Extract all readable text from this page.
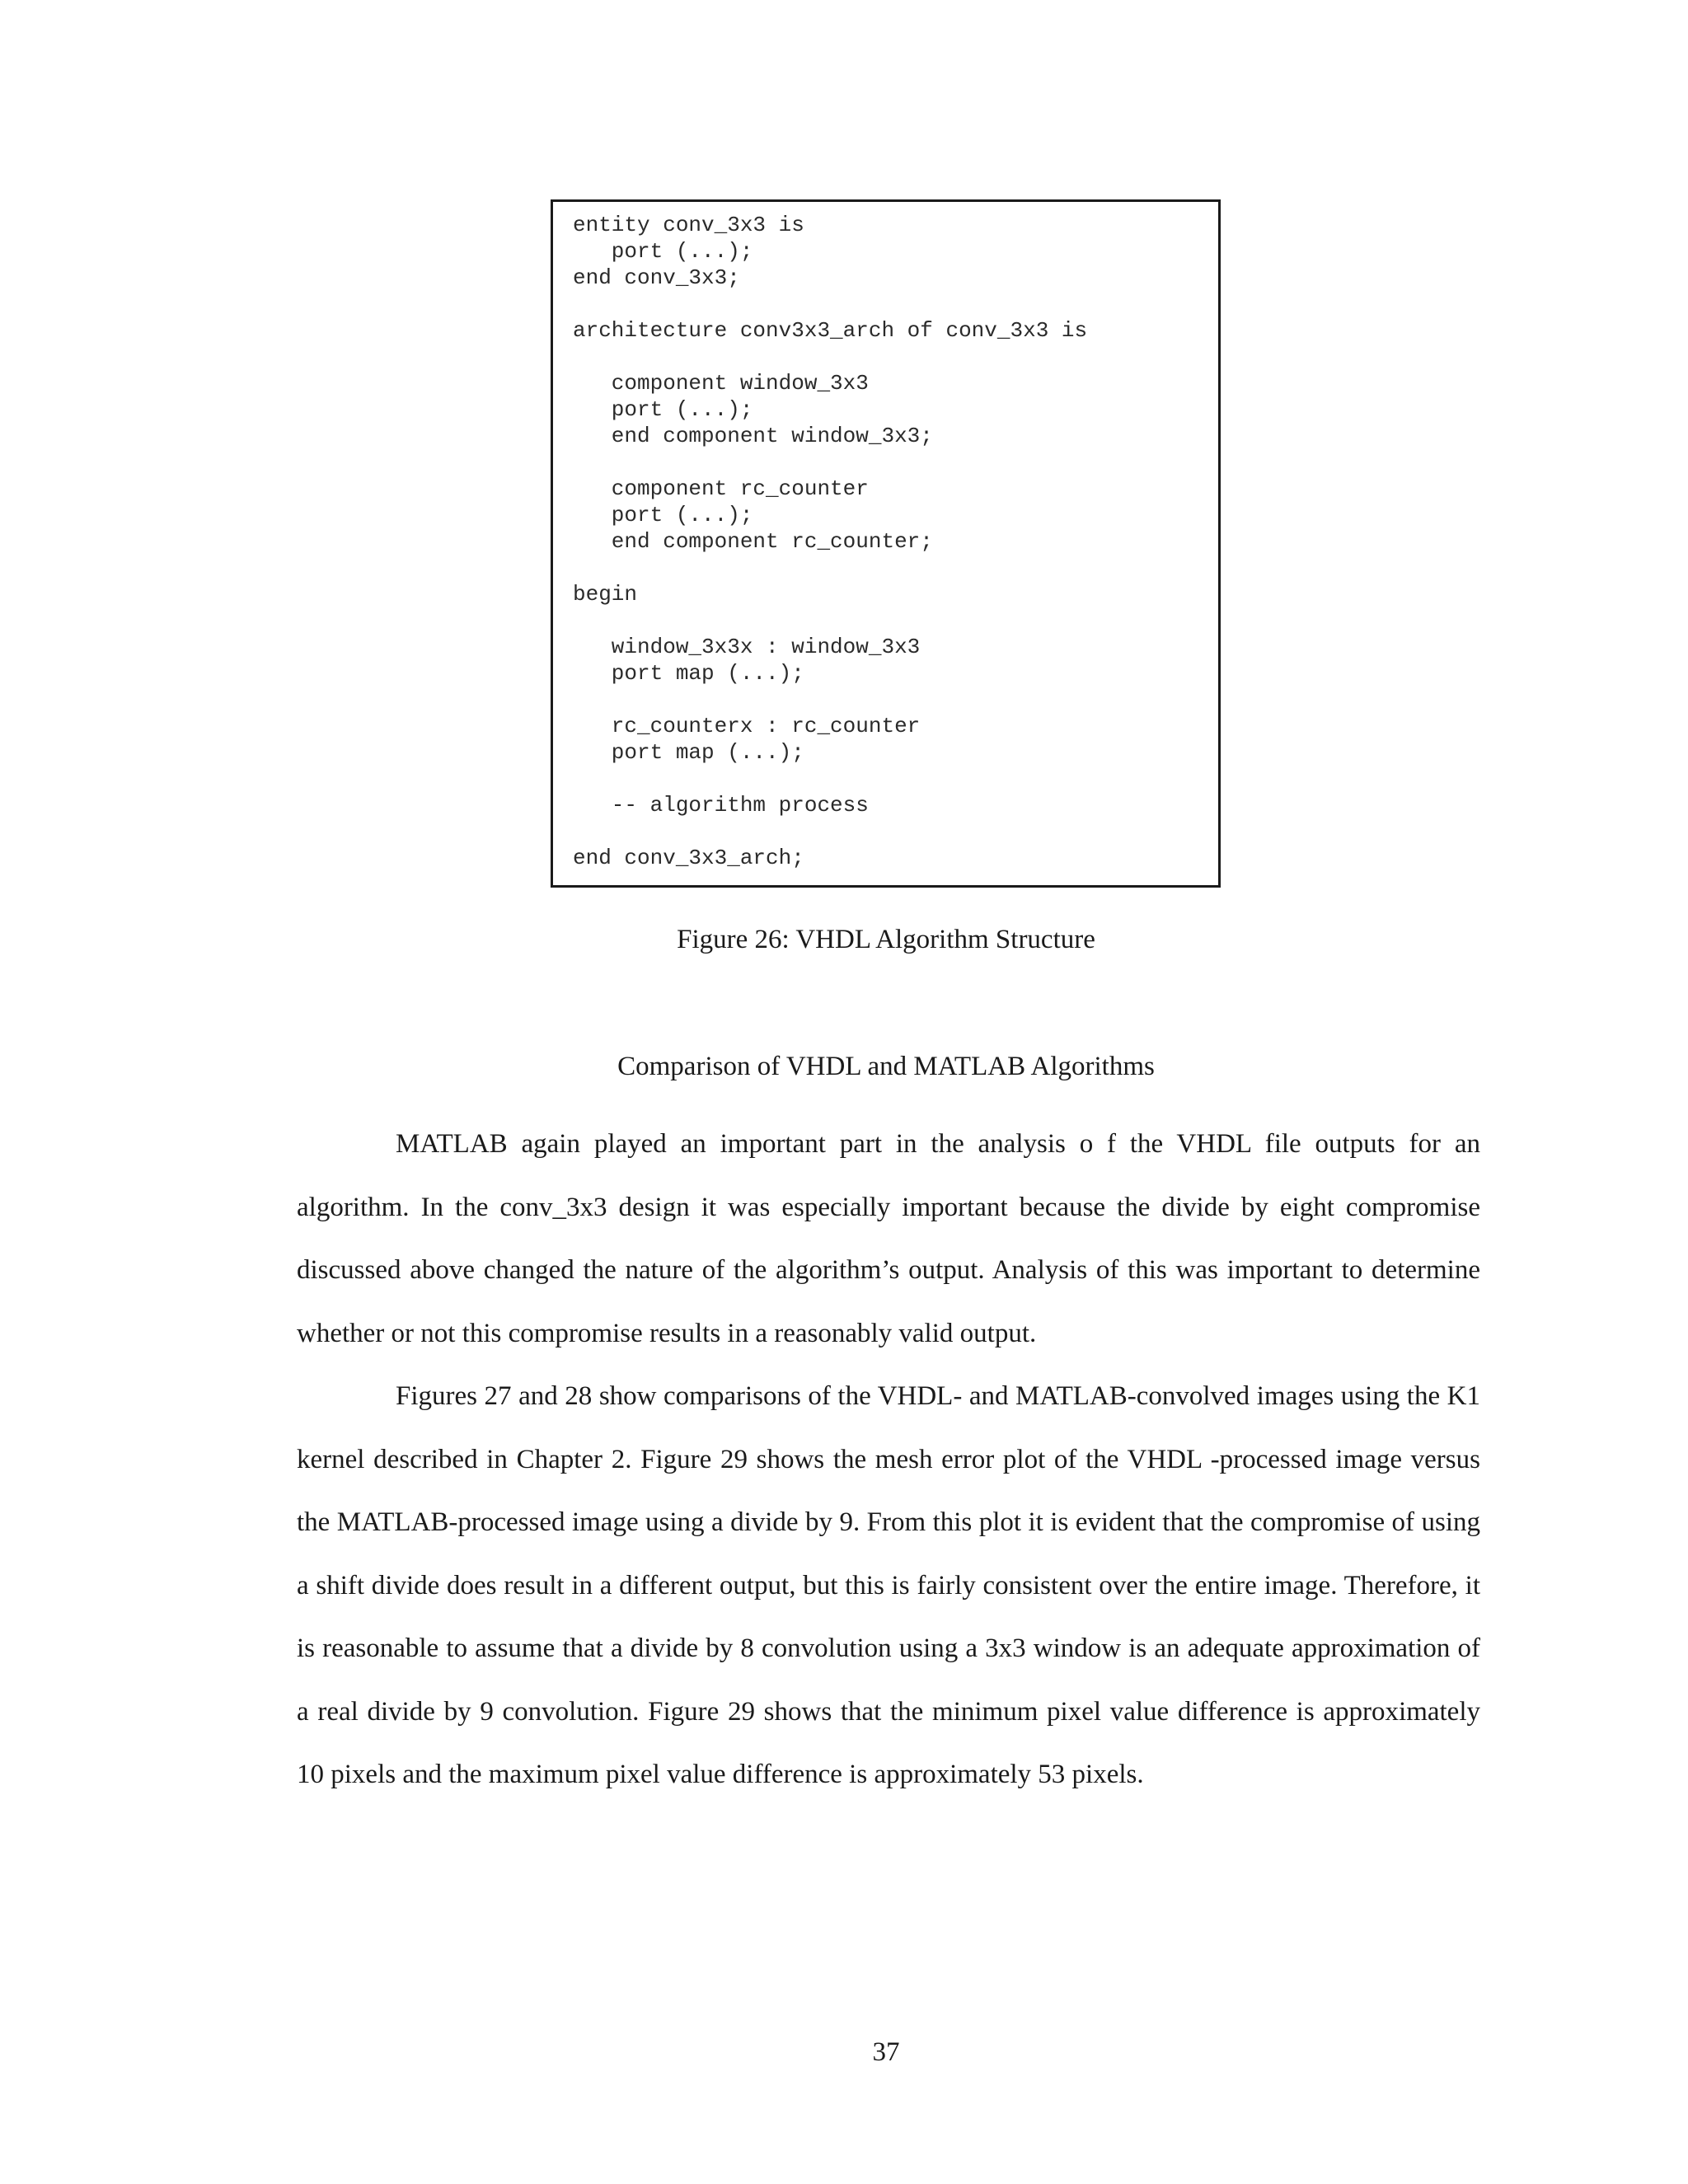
entity conv_3x3 is
port (...);
end conv_3x3;
architecture conv3x3_arch of conv_3x3 is
component window_3x3
port (...);
end component window_3x3;
component rc_counter
port (...);
end component rc_counter;
begin
window_3x3x : window_3x3
port map (...);
rc_counterx : rc_counter
port map (...);
-- algorithm process
end conv_3x3_arch;
Figure 26: VHDL Algorithm Structure
Comparison of VHDL and MATLAB Algorithms

MATLAB again played an important part in the analysis o f the VHDL file outputs for an algorithm. In the conv_3x3 design it was especially important because the divide by eight compromise discussed above changed the nature of the algorithm’s output. Analysis of this was important to determine whether or not this compromise results in a reasonably valid output.

Figures 27 and 28 show comparisons of the VHDL- and MATLAB-convolved images using the K1 kernel described in Chapter 2. Figure 29 shows the mesh error plot of the VHDL -processed image versus the MATLAB-processed image using a divide by 9. From this plot it is evident that the compromise of using a shift divide does result in a different output, but this is fairly consistent over the entire image. Therefore, it is reasonable to assume that a divide by 8 convolution using a 3x3 window is an adequate approximation of a real divide by 9 convolution. Figure 29 shows that the minimum pixel value difference is approximately 10 pixels and the maximum pixel value difference is approximately 53 pixels.

37
